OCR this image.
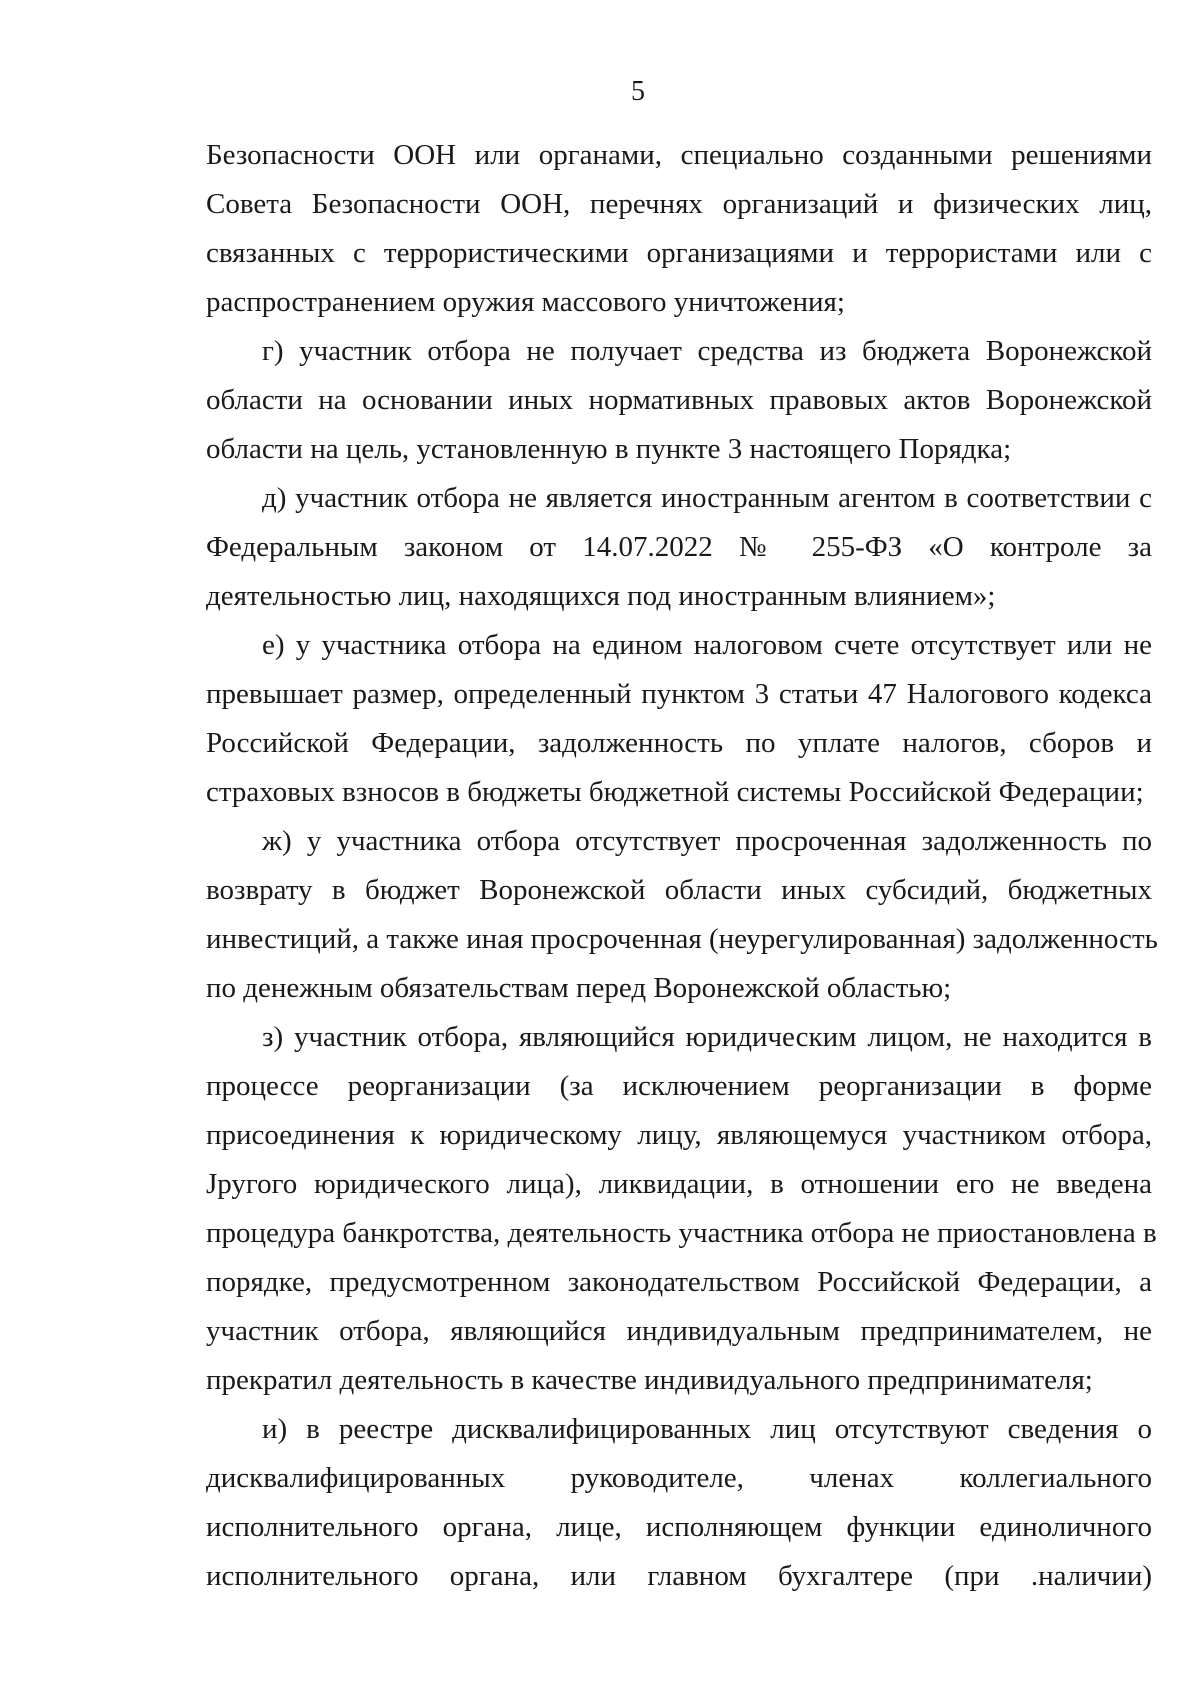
5
Безопасности ООН или органами, специально созданными решениями
Совета Безопасности ООН, перечнях организаций и физических лиц,
связанных с террористическими организациями и террористами или с
распространением оружия массового уничтожения;
г) участник отбора не получает средства из бюджета Воронежской
области на основании иных нормативных правовых актов Воронежской
области на цель, установленную в пункте 3 настоящего Порядка;
д) участник отбора не является иностранным агентом в соответствии с
Федеральным законом от 14.07.2022 № 255-ФЗ «О контроле за
деятельностью лиц, находящихся под иностранным влиянием»;
е) у участника отбора на едином налоговом счете отсутствует или не
превышает размер, определенный пунктом 3 статьи 47 Налогового кодекса
Российской Федерации, задолженность по уплате налогов, сборов и
страховых взносов в бюджеты бюджетной системы Российской Федерации;
ж) у участника отбора отсутствует просроченная задолженность по
возврату в бюджет Воронежской области иных субсидий, бюджетных
инвестиций, а также иная просроченная (неурегулированная) задолженность
по денежным обязательствам перед Воронежской областью;
з) участник отбора, являющийся юридическим лицом, не находится в
процессе реорганизации (за исключением реорганизации в форме
присоединения к юридическому лицу, являющемуся участником отбора,
Јругого юридического лица), ликвидации, в отношении его не введена
процедура банкротства, деятельность участника отбора не приостановлена в
порядке, предусмотренном законодательством Российской Федерации, а
участник отбора, являющийся индивидуальным предпринимателем, не
прекратил деятельность в качестве индивидуального предпринимателя;
и) в реестре дисквалифицированных лиц отсутствуют сведения о
дисквалифицированных руководителе, членах коллегиального
исполнительного органа, лице, исполняющем функции единоличного
исполнительного органа, или главном бухгалтере (при .наличии)
